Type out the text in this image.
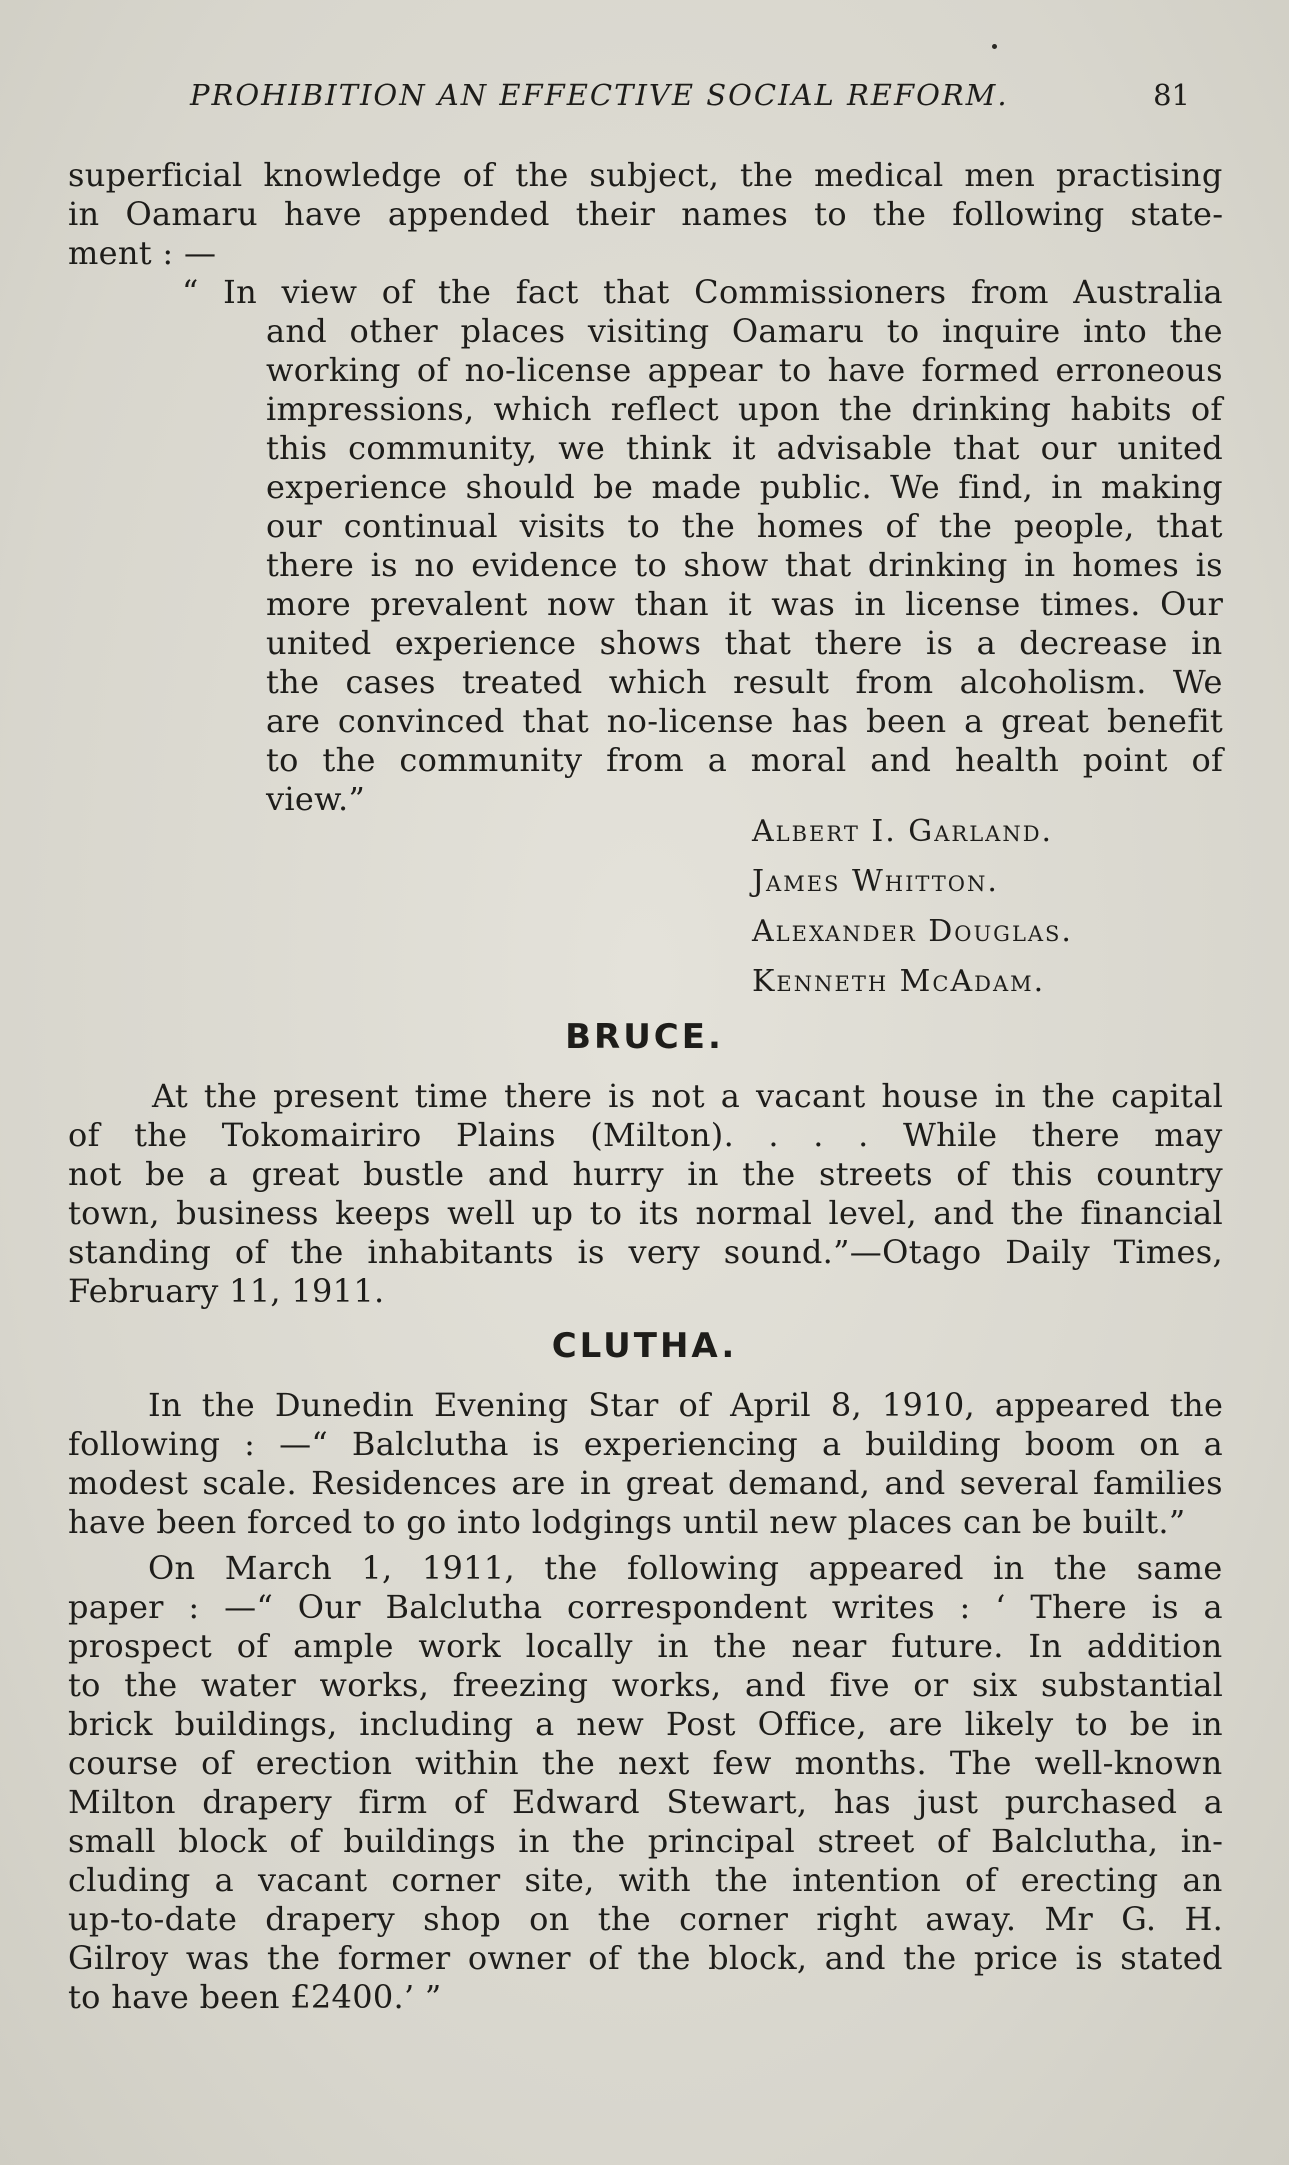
PROHIBITION AN EFFECTIVE SOCIAL REFORM.	81
superficial knowledge of the subject, the medical men practising
in Oamaru have appended their names to the following state-
ment : —
“ In view of the fact that Commissioners from Australia
and other places visiting Oamaru to inquire into the
working of no-license appear to have formed erroneous
impressions, which reflect upon the drinking habits of
this community, we think it advisable that our united
experience should be made public. We find, in making
our continual visits to the homes of the people, that
there is no evidence to show that drinking in homes is
more prevalent now than it was in license times. Our
united experience shows that there is a decrease in
the cases treated which result from alcoholism. We
are convinced that no-license has been a great benefit
to the community from a moral and health point of
view.”
Albert I. Garland.
James Whitton.
Alexander Douglas.
Kenneth McAdam.
BRUCE.
At the present time there is not a vacant house in the capital
of the Tokomairiro Plains (Milton). . . . While there may
not be a great bustle and hurry in the streets of this country
town, business keeps well up to its normal level, and the financial
standing of the inhabitants is very sound.”—Otago Daily Times,
February 11, 1911.
CLUTHA.
In the Dunedin Evening Star of April 8, 1910, appeared the
following : —“ Balclutha is experiencing a building boom on a
modest scale. Residences are in great demand, and several families
have been forced to go into lodgings until new places can be built.”
On March 1, 1911, the following appeared in the same
paper : —“ Our Balclutha correspondent writes : ‘ There is a
prospect of ample work locally in the near future. In addition
to the water works, freezing works, and five or six substantial
brick buildings, including a new Post Office, are likely to be in
course of erection within the next few months. The well-known
Milton drapery firm of Edward Stewart, has just purchased a
small block of buildings in the principal street of Balclutha, in-
cluding a vacant corner site, with the intention of erecting an
up-to-date drapery shop on the corner right away. Mr G. H.
Gilroy was the former owner of the block, and the price is stated
to have been £2400.’ ”
